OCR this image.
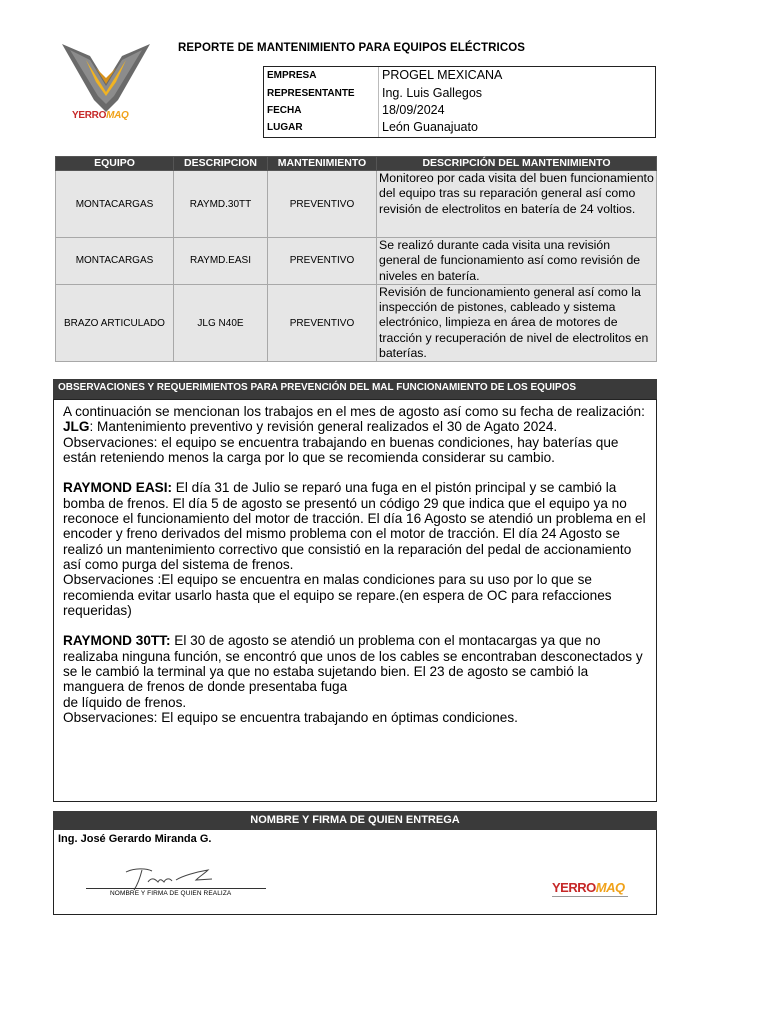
YERROMAQ
REPORTE DE MANTENIMIENTO PARA EQUIPOS ELÉCTRICOS
EMPRESA	PROGEL MEXICANA
REPRESENTANTE Ing. Luis Gallegos
FECHA	18/09/2024
LUGAR	León Guanajuato
EQUIPO	DESCRIPCION	MANTENIMIENTO	DESCRIPCIÓN DEL MANTENIMIENTO
MONTACARGAS	RAYMD.30TT	PREVENTIVO	Monitoreo por cada visita del buen funcionamiento del equipo tras su reparación general así como revisión de electrolitos en batería de 24 voltios.
MONTACARGAS	RAYMD.EASI	PREVENTIVO	Se realizó durante cada visita una revisión general de funcionamiento así como revisión de niveles en batería.
BRAZO ARTICULADO	JLG N40E	PREVENTIVO	Revisión de funcionamiento general así como la inspección de pistones, cableado y sistema electrónico, limpieza en área de motores de tracción y recuperación de nivel de electrolitos en baterías.
OBSERVACIONES Y REQUERIMIENTOS PARA PREVENCIÓN DEL MAL FUNCIONAMIENTO DE LOS EQUIPOS

A continuación se mencionan los trabajos en el mes de agosto así como su fecha de realización:

JLG: Mantenimiento preventivo y revisión general realizados el 30 de Agato 2024.

Observaciones: el equipo se encuentra trabajando en buenas condiciones, hay baterías que están reteniendo menos la carga por lo que se recomienda considerar su cambio.

RAYMOND EASI: El día 31 de Julio se reparó una fuga en el pistón principal y se cambió la bomba de frenos. El día 5 de agosto se presentó un código 29 que indica que el equipo ya no reconoce el funcionamiento del motor de tracción. El día 16 Agosto se atendió un problema en el encoder y freno derivados del mismo problema con el motor de tracción. El día 24 Agosto se realizó un mantenimiento correctivo que consistió en la reparación del pedal de accionamiento así como purga del sistema de frenos.

Observaciones :El equipo se encuentra en malas condiciones para su uso por lo que se recomienda evitar usarlo hasta que el equipo se repare.(en espera de OC para refacciones requeridas)

RAYMOND 30TT: El 30 de agosto se atendió un problema con el montacargas ya que no realizaba ninguna función, se encontró que unos de los cables se encontraban desconectados y se le cambió la terminal ya que no estaba sujetando bien. El 23 de agosto se cambió la manguera de frenos de donde presentaba fuga

de líquido de frenos.

Observaciones: El equipo se encuentra trabajando en óptimas condiciones.

NOMBRE Y FIRMA DE QUIEN ENTREGA
Ing. José Gerardo Miranda G.
NOMBRE Y FIRMA DE QUIEN REALIZA	YERROMAQ
